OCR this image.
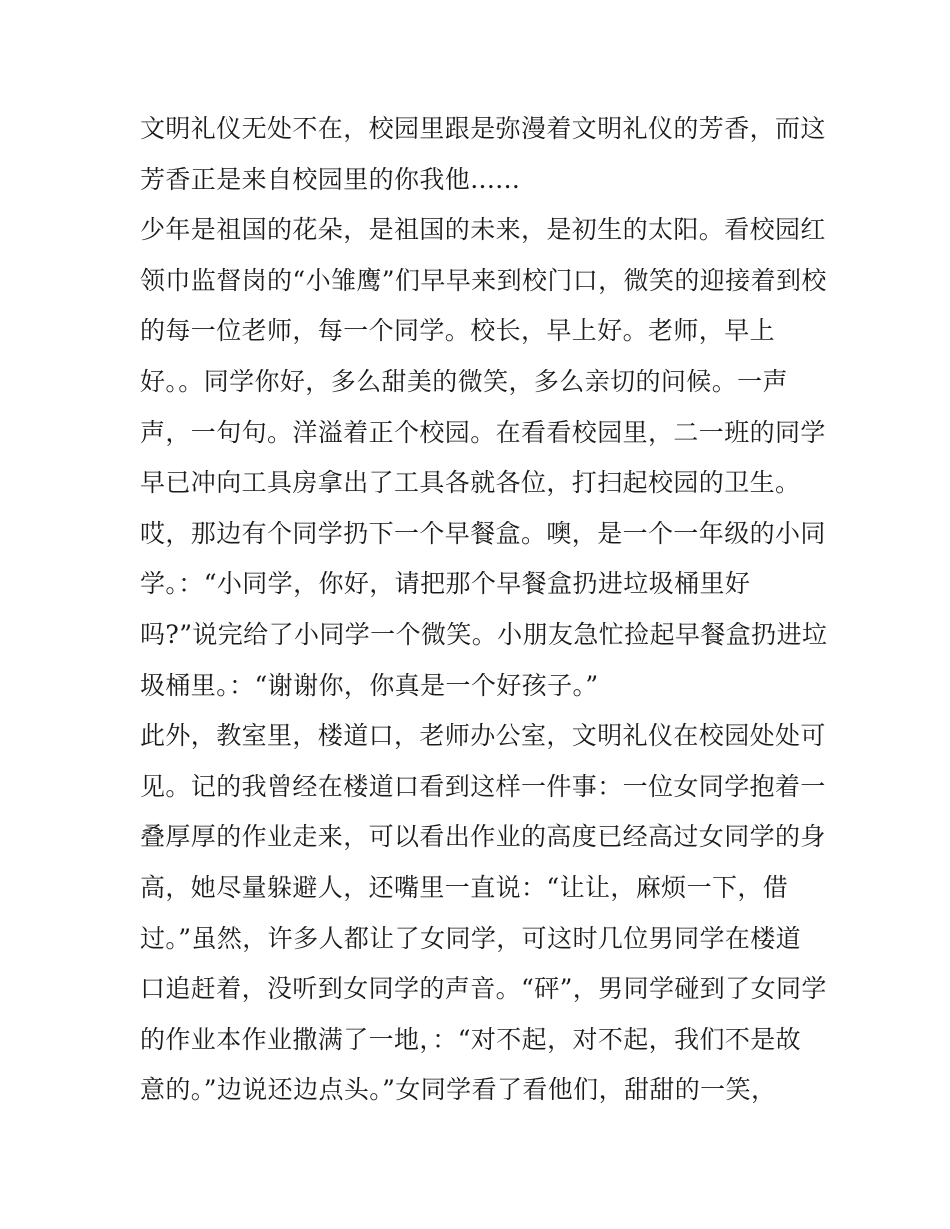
文明礼仪无处不在，校园里跟是弥漫着文明礼仪的芳香，而这
芳香正是来自校园里的你我他......
少年是祖国的花朵，是祖国的未来，是初生的太阳。看校园红
领巾监督岗的“小雏鹰”们早早来到校门口，微笑的迎接着到校
的每一位老师，每一个同学。校长，早上好。老师，早上
好。。同学你好，多么甜美的微笑，多么亲切的问候。一声
声，一句句。洋溢着正个校园。在看看校园里，二一班的同学
早已冲向工具房拿出了工具各就各位，打扫起校园的卫生。
哎，那边有个同学扔下一个早餐盒。噢，是一个一年级的小同
学。：“小同学，你好，请把那个早餐盒扔进垃圾桶里好
吗?”说完给了小同学一个微笑。小朋友急忙捡起早餐盒扔进垃
圾桶里。：“谢谢你，你真是一个好孩子。”
此外，教室里，楼道口，老师办公室，文明礼仪在校园处处可
见。记的我曾经在楼道口看到这样一件事：一位女同学抱着一
叠厚厚的作业走来，可以看出作业的高度已经高过女同学的身
高，她尽量躲避人，还嘴里一直说：“让让，麻烦一下，借
过。”虽然，许多人都让了女同学，可这时几位男同学在楼道
口追赶着，没听到女同学的声音。“砰”，男同学碰到了女同学
的作业本作业撒满了一地，：“对不起，对不起，我们不是故
意的。”边说还边点头。”女同学看了看他们，甜甜的一笑，
